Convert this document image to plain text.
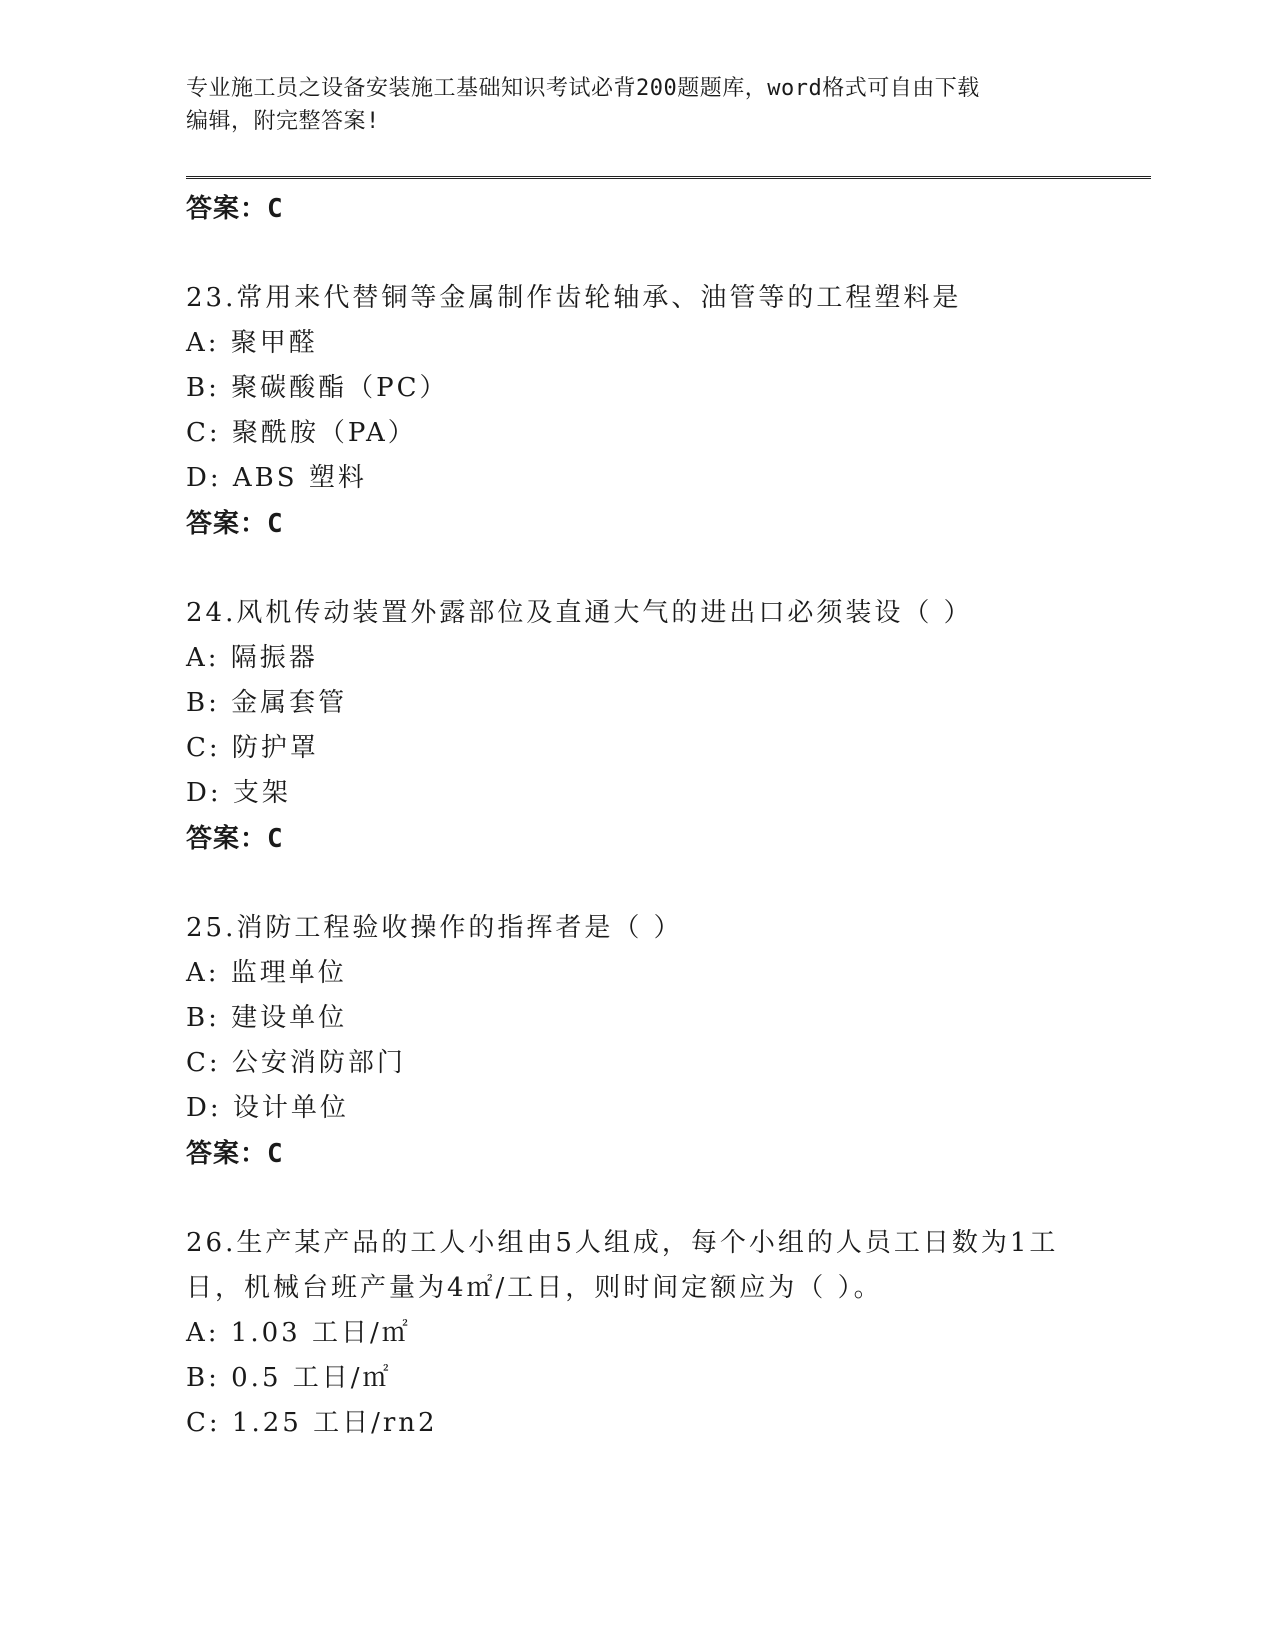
专业施工员之设备安装施工基础知识考试必背200题题库，word格式可自由下载
编辑，附完整答案!
答案：C
23.常用来代替铜等金属制作齿轮轴承、油管等的工程塑料是
A: 聚甲醛
B: 聚碳酸酯（PC）
C: 聚酰胺（PA）
D: ABS 塑料
答案：C
24.风机传动装置外露部位及直通大气的进出口必须装设（ ）
A: 隔振器
B: 金属套管
C: 防护罩
D: 支架
答案：C
25.消防工程验收操作的指挥者是（ ）
A: 监理单位
B: 建设单位
C: 公安消防部门
D: 设计单位
答案：C
26.生产某产品的工人小组由5人组成，每个小组的人员工日数为1工
日，机械台班产量为4㎡/工日，则时间定额应为（ ）。
A: 1.03 工日/㎡
B: 0.5 工日/㎡
C: 1.25 工日/rn2
